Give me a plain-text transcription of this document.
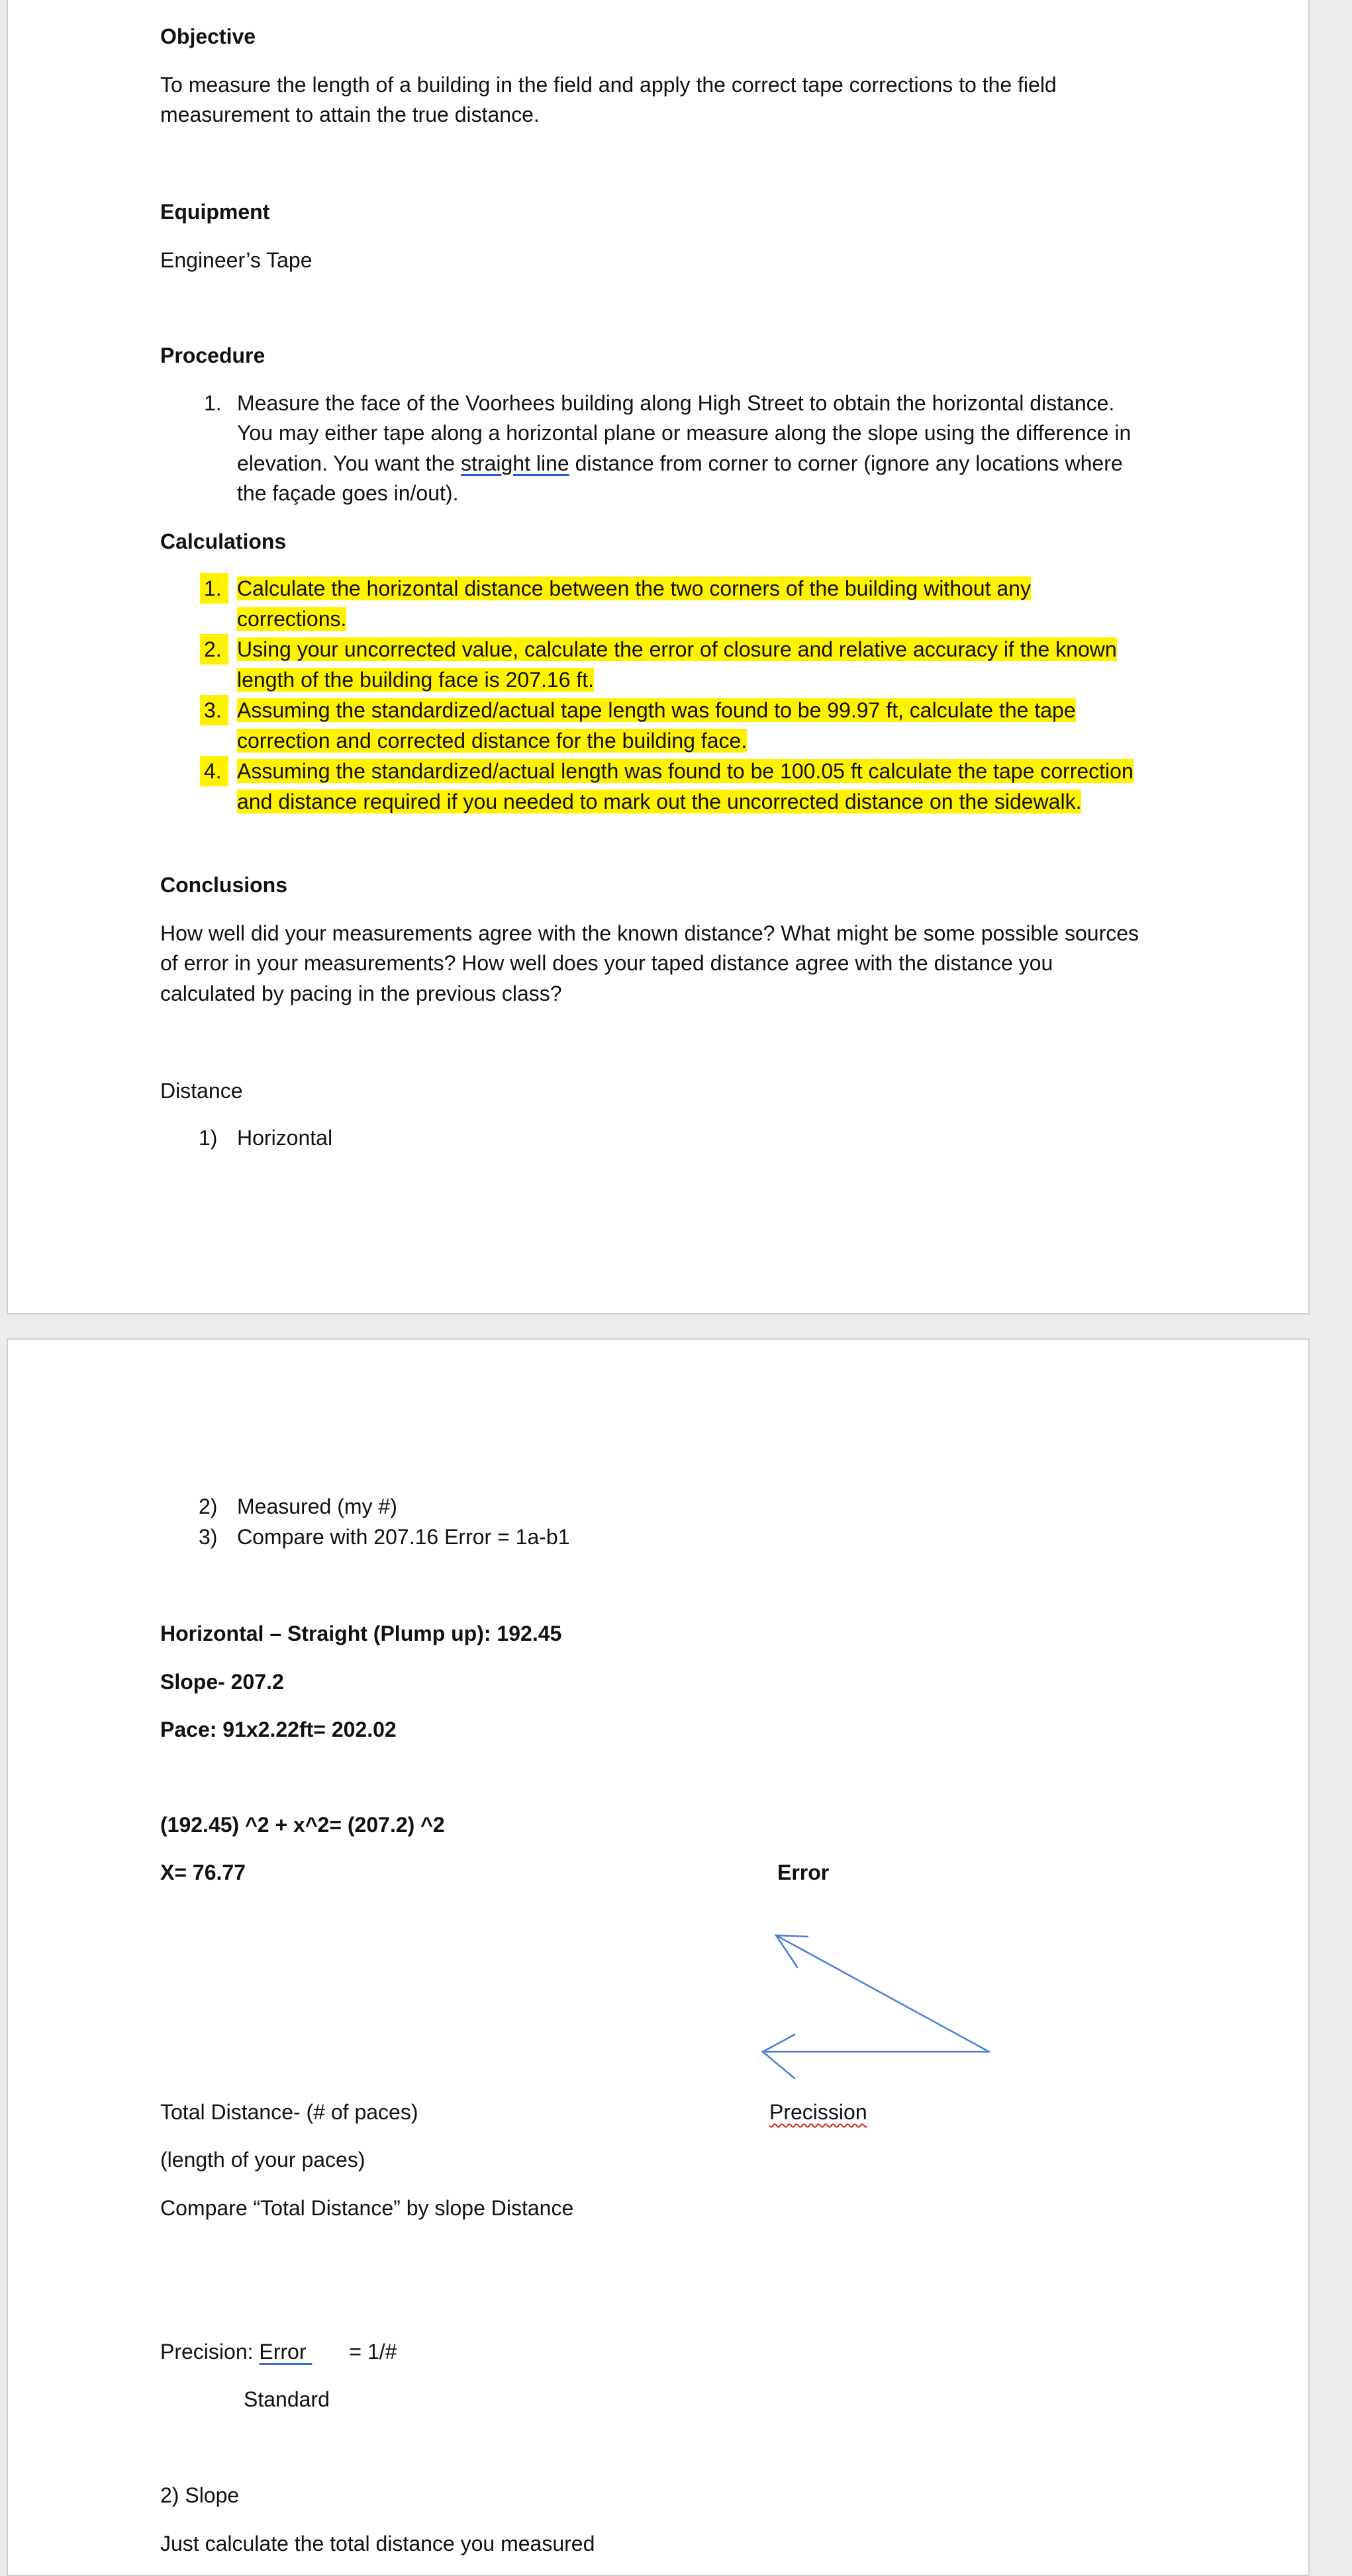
Objective
To measure the length of a building in the field and apply the correct tape corrections to the field
measurement to attain the true distance.
Equipment
Engineer’s Tape
Procedure
1. Measure the face of the Voorhees building along High Street to obtain the horizontal distance.
You may either tape along a horizontal plane or measure along the slope using the difference in
elevation. You want the straight line distance from corner to corner (ignore any locations where
the façade goes in/out).
Calculations
1. Calculate the horizontal distance between the two corners of the building without any
corrections.
2. Using your uncorrected value, calculate the error of closure and relative accuracy if the known
length of the building face is 207.16 ft.
3. Assuming the standardized/actual tape length was found to be 99.97 ft, calculate the tape
correction and corrected distance for the building face.
4. Assuming the standardized/actual length was found to be 100.05 ft calculate the tape correction
and distance required if you needed to mark out the uncorrected distance on the sidewalk.
Conclusions
How well did your measurements agree with the known distance? What might be some possible sources
of error in your measurements? How well does your taped distance agree with the distance you
calculated by pacing in the previous class?
Distance
1) Horizontal
2) Measured (my #)
3) Compare with 207.16 Error = 1a-b1
Horizontal – Straight (Plump up): 192.45
Slope- 207.2
Pace: 91x2.22ft= 202.02
(192.45) ^2 + x^2= (207.2) ^2
X= 76.77	Error
Total Distance- (# of paces)	Precission
(length of your paces)
Compare “Total Distance” by slope Distance
Precision: Error = 1/#
Standard
2) Slope
Just calculate the total distance you measured
